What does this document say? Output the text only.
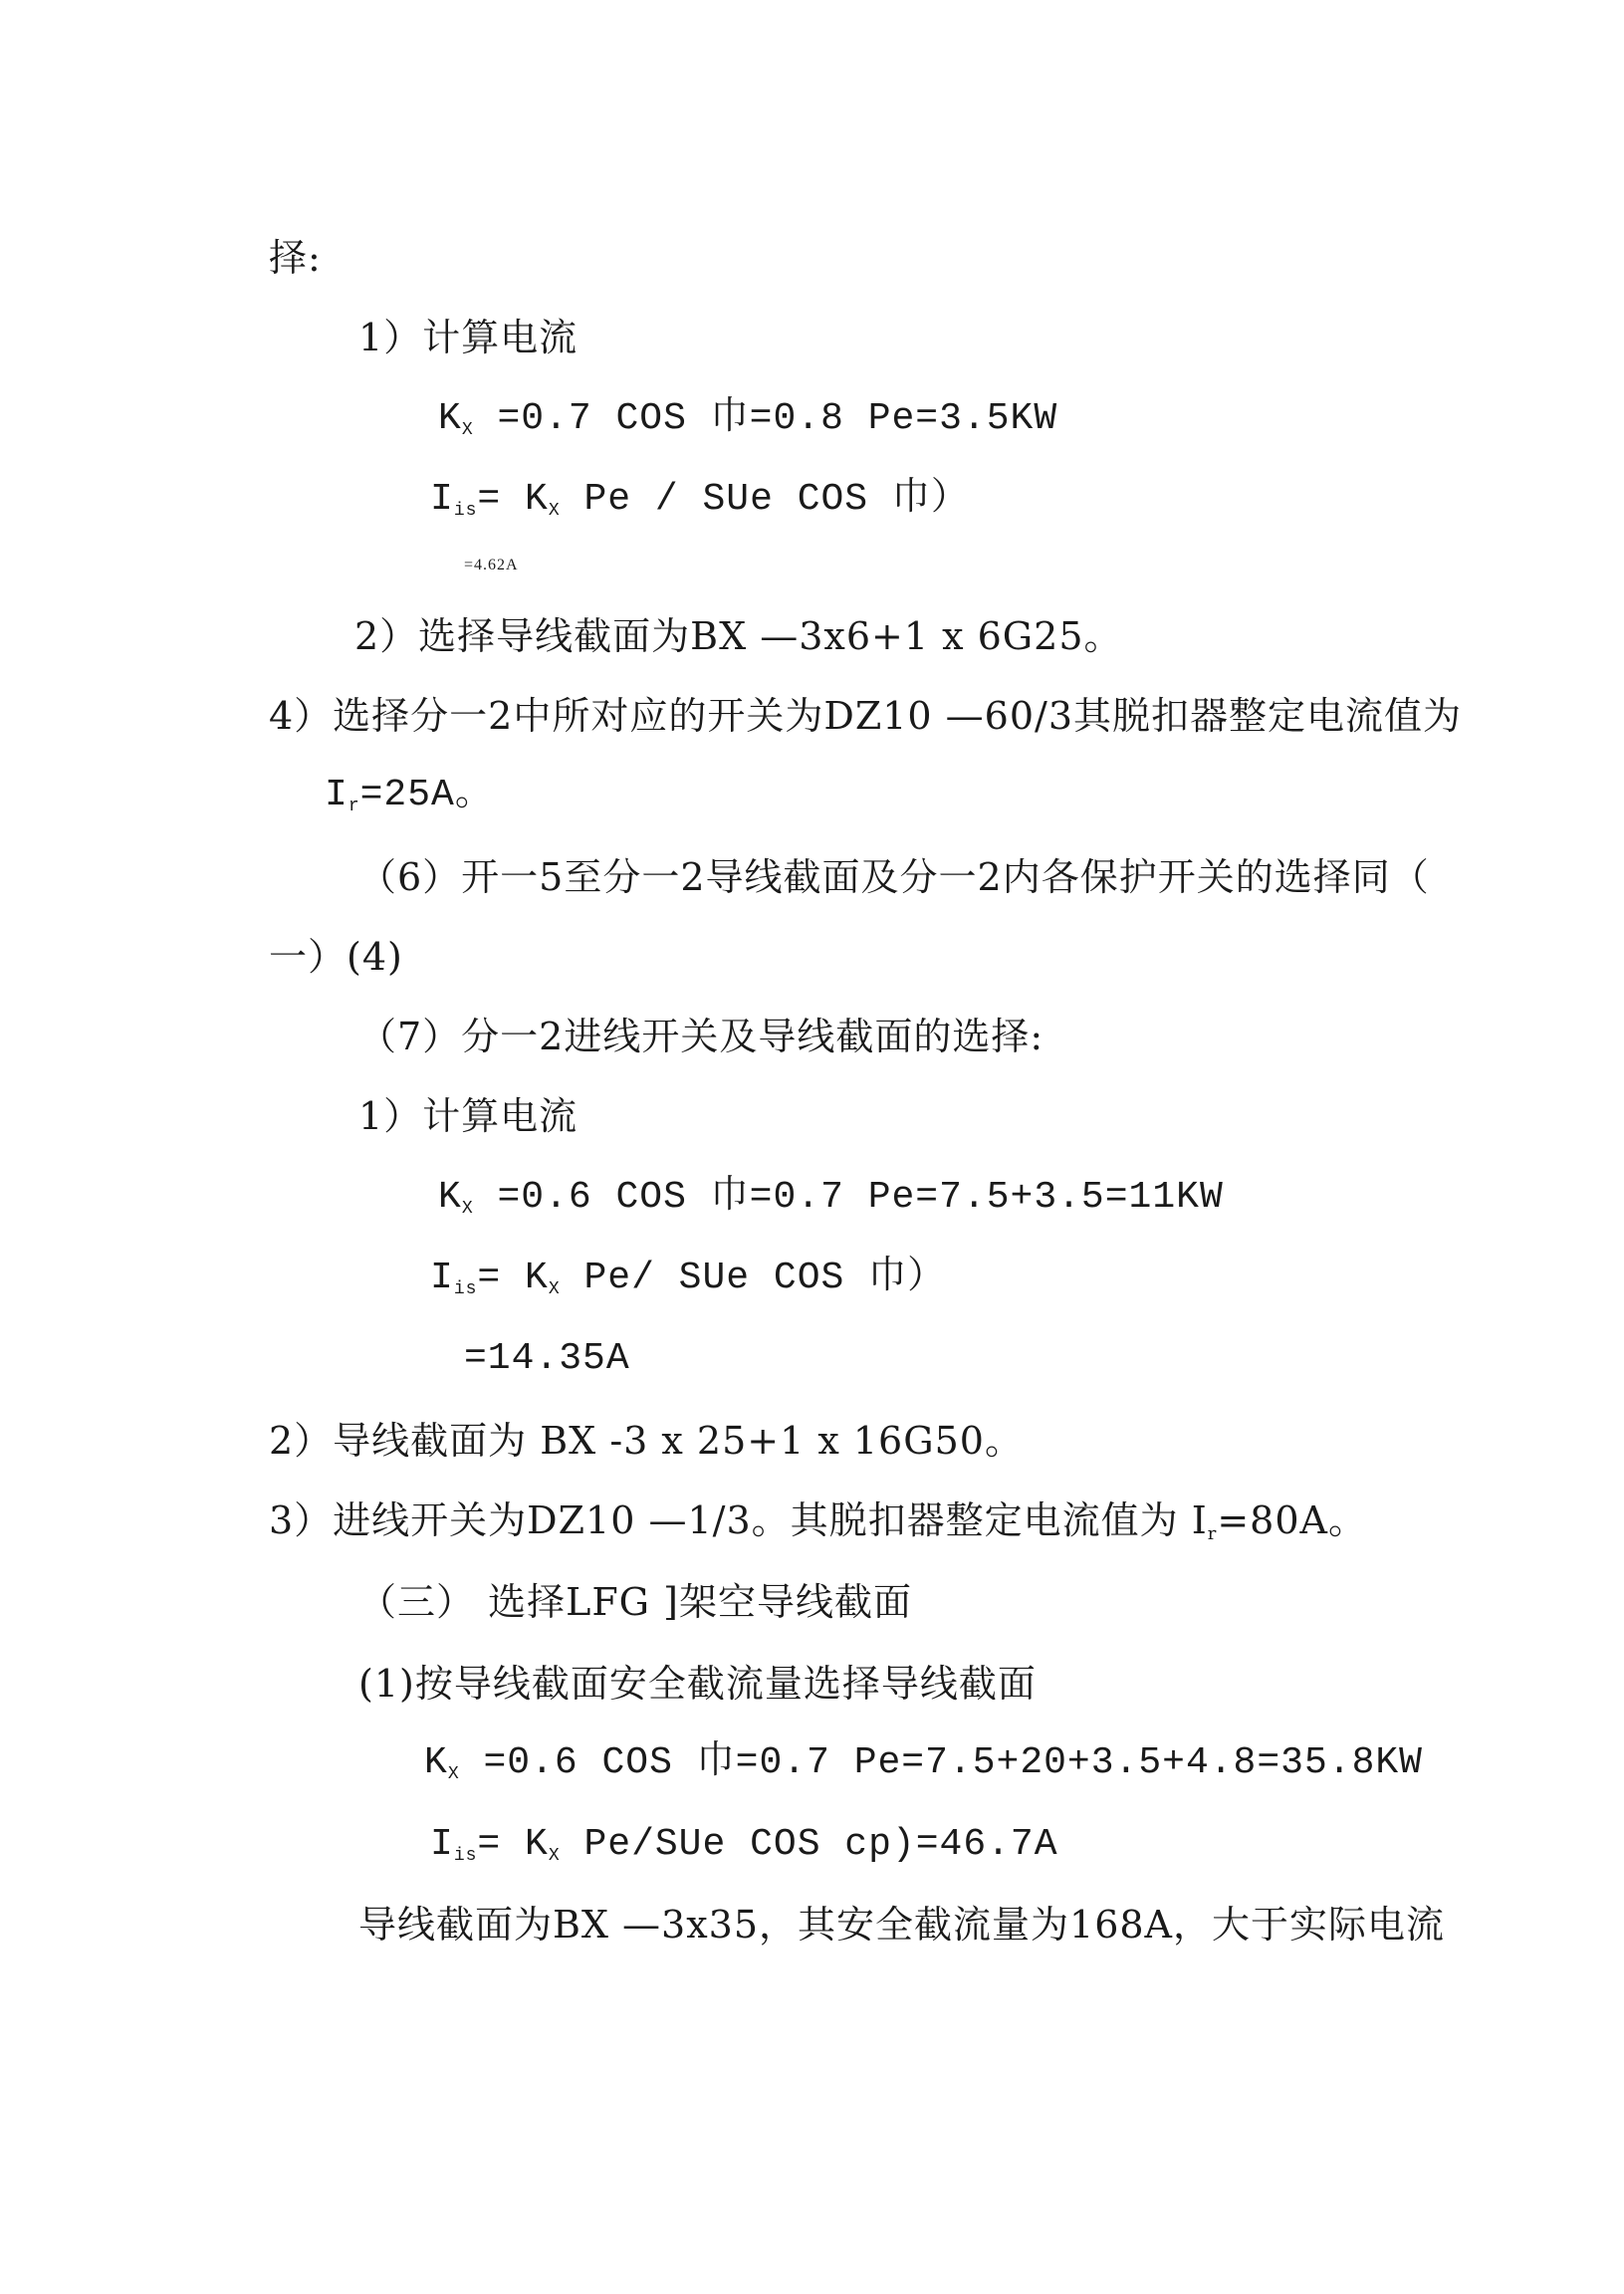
择:
1）计算电流
$K_X =0.7$ COS 巾=0.8 Pe=3.5KW
$I_{is}= K_X$ Pe / SUe COS 巾）
=4.62A
2）选择导线截面为BX —3x6+1 x 6G25。
4）选择分一2中所对应的开关为DZ10 —60/3其脱扣器整定电流值为
$I_r=25A$。
（6）开一5至分一2导线截面及分一2内各保护开关的选择同（
一）(4)
（7）分一2进线开关及导线截面的选择:
1）计算电流
$K_X =0.6$ COS 巾=0.7 Pe=7.5+3.5=11KW
$I_{is}= K_X$ Pe/ SUe COS 巾）
=14.35A
2）导线截面为 BX -3 x 25+1 x 16G50。
3）进线开关为DZ10 —1/3。其脱扣器整定电流值为 $I_r=80A$。
（三） 选择LFG ]架空导线截面
(1)按导线截面安全截流量选择导线截面
$K_X =0.6$ COS 巾=0.7 Pe=7.5+20+3.5+4.8=35.8KW
$I_{is}= K_X$ Pe/SUe COS cp)=46.7A
导线截面为BX —3x35，其安全截流量为168A，大于实际电流
